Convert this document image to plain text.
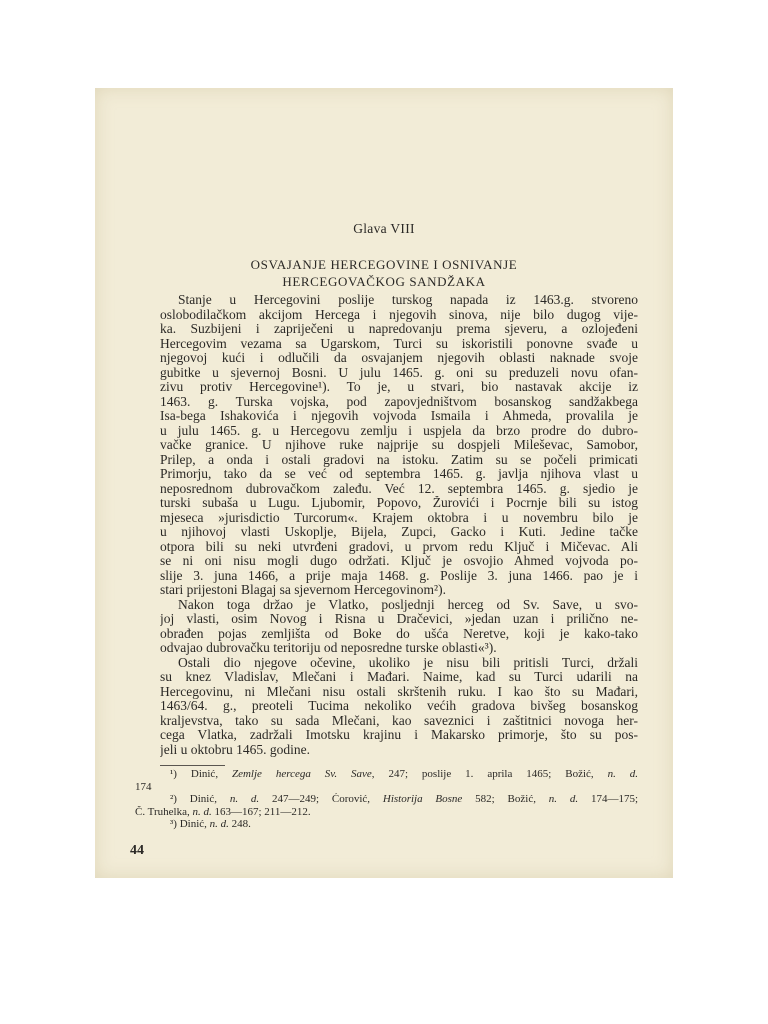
Glava VIII
OSVAJANJE HERCEGOVINE I OSNIVANJE
HERCEGOVAČKOG SANDŽAKA
Stanje u Hercegovini poslije turskog napada iz 1463.g. stvoreno
oslobodilačkom akcijom Hercega i njegovih sinova, nije bilo dugog vije-
ka. Suzbijeni i zapriječeni u napredovanju prema sjeveru, a ozlojeđeni
Hercegovim vezama sa Ugarskom, Turci su iskoristili ponovne svađe u
njegovoj kući i odlučili da osvajanjem njegovih oblasti naknade svoje
gubitke u sjevernoj Bosni. U julu 1465. g. oni su preduzeli novu ofan-
zivu protiv Hercegovine¹). To je, u stvari, bio nastavak akcije iz
1463. g. Turska vojska, pod zapovjedništvom bosanskog sandžakbega
Isa-bega Ishakovića i njegovih vojvoda Ismaila i Ahmeda, provalila je
u julu 1465. g. u Hercegovu zemlju i uspjela da brzo prodre do dubro-
vačke granice. U njihove ruke najprije su dospjeli Mileševac, Samobor,
Prilep, a onda i ostali gradovi na istoku. Zatim su se počeli primicati
Primorju, tako da se već od septembra 1465. g. javlja njihova vlast u
neposrednom dubrovačkom zaleđu. Već 12. septembra 1465. g. sjedio je
turski subaša u Lugu. Ljubomir, Popovo, Žurovići i Pocrnje bili su istog
mjeseca »jurisdictio Turcorum«. Krajem oktobra i u novembru bilo je
u njihovoj vlasti Uskoplje, Bijela, Zupci, Gacko i Kuti. Jedine tačke
otpora bili su neki utvrđeni gradovi, u prvom redu Ključ i Mičevac. Ali
se ni oni nisu mogli dugo održati. Ključ je osvojio Ahmed vojvoda po-
slije 3. juna 1466, a prije maja 1468. g. Poslije 3. juna 1466. pao je i
stari prijestoni Blagaj sa sjevernom Hercegovinom²).
Nakon toga držao je Vlatko, posljednji herceg od Sv. Save, u svo-
joj vlasti, osim Novog i Risna u Dračevici, »jedan uzan i prilično ne-
obrađen pojas zemljišta od Boke do ušća Neretve, koji je kako-tako
odvajao dubrovačku teritoriju od neposredne turske oblasti«³).
Ostali dio njegove očevine, ukoliko je nisu bili pritisli Turci, držali
su knez Vladislav, Mlečani i Mađari. Naime, kad su Turci udarili na
Hercegovinu, ni Mlečani nisu ostali skrštenih ruku. I kao što su Mađari,
1463/64. g., preoteli Tucima nekoliko većih gradova bivšeg bosanskog
kraljevstva, tako su sada Mlečani, kao saveznici i zaštitnici novoga her-
cega Vlatka, zadržali Imotsku krajinu i Makarsko primorje, što su pos-
jeli u oktobru 1465. godine.
¹) Dinić, Zemlje hercega Sv. Save, 247; poslije 1. aprila 1465; Božić, n. d.
174
²) Dinić, n. d. 247—249; Ćorović, Historija Bosne 582; Božić, n. d. 174—175;
Č. Truhelka, n. d. 163—167; 211—212.
³) Dinić, n. d. 248.
44
